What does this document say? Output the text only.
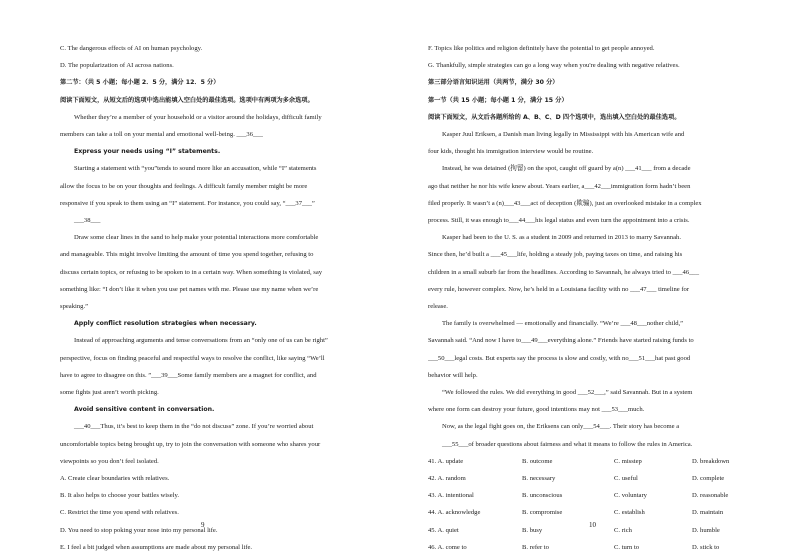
C. The dangerous effects of AI on human psychology.
D. The popularization of AI across nations.
第二节：（共 5 小题；每小题 2．5 分，满分 12．5 分）
阅读下面短文，从短文后的选项中选出能填入空白处的最佳选项。选项中有两项为多余选项。
Whether they’re a member of your household or a visitor around the holidays, difficult family
members can take a toll on your mental and emotional well-being. ___36___
Express your needs using “I” statements.
Starting a statement with “you”tends to sound more like an accusation, while “I” statements
allow the focus to be on your thoughts and feelings. A difficult family member might be more
responsive if you speak to them using an “I” statement. For instance, you could say, “___37___”
___38___
Draw some clear lines in the sand to help make your potential interactions more comfortable
and manageable. This might involve limiting the amount of time you spend together, refusing to
discuss certain topics, or refusing to be spoken to in a certain way. When something is violated, say
something like: “I don’t like it when you use pet names with me. Please use my name when we’re
speaking.”
Apply conflict resolution strategies when necessary.
Instead of approaching arguments and tense conversations from an “only one of us can be right”
perspective, focus on finding peaceful and respectful ways to resolve the conflict, like saying “We’ll
have to agree to disagree on this. ”___39___Some family members are a magnet for conflict, and
some fights just aren’t worth picking.
Avoid sensitive content in conversation.
___40___Thus, it’s best to keep them in the “do not discuss” zone. If you’re worried about
uncomfortable topics being brought up, try to join the conversation with someone who shares your
viewpoints so you don’t feel isolated.
A. Create clear boundaries with relatives.
B. It also helps to choose your battles wisely.
C. Restrict the time you spend with relatives.
D. You need to stop poking your nose into my personal life.
E. I feel a bit judged when assumptions are made about my personal life.
9
F. Topics like politics and religion definitely have the potential to get people annoyed.
G. Thankfully, simple strategies can go a long way when you're dealing with negative relatives.
第三部分语言知识运用（共两节，满分 30 分）
第一节（共 15 小题；每小题 1 分，满分 15 分）
阅读下面短文，从文后各题所给的 A、B、C、D 四个选项中，选出填入空白处的最佳选项。
Kasper Juul Eriksen, a Danish man living legally in Mississippi with his American wife and
four kids, thought his immigration interview would be routine.
Instead, he was detained (拘留) on the spot, caught off guard by a(n) ___41___ from a decade
ago that neither he nor his wife knew about. Years earlier, a___42___immigration form hadn’t been
filed properly. It wasn’t a (n)___43___act of deception (欺骗), just an overlooked mistake in a complex
process. Still, it was enough to___44___his legal status and even turn the appointment into a crisis.
Kasper had been to the U. S. as a student in 2009 and returned in 2013 to marry Savannah.
Since then, he’d built a ___45___life, holding a steady job, paying taxes on time, and raising his
children in a small suburb far from the headlines. According to Savannah, he always tried to ___46___
every rule, however complex. Now, he’s held in a Louisiana facility with no ___47___ timeline for
release.
The family is overwhelmed — emotionally and financially. “We’re ___48___nother child,”
Savannah said. “And now I have to___49___everything alone.” Friends have started raising funds to
___50___legal costs. But experts say the process is slow and costly, with no___51___hat past good
behavior will help.
“We followed the rules. We did everything in good ___52___,” said Savannah. But in a system
where one form can destroy your future, good intentions may not ___53___much.
Now, as the legal fight goes on, the Eriksens can only___54___. Their story has become a
___55___of broader questions about fairness and what it means to follow the rules in America.
41. A. update	B. outcome	C. misstep	D. breakdown
42. A. random	B. necessary	C. useful	D. complete
43. A. intentional	B. unconscious	C. voluntary	D. reasonable
44. A. acknowledge	B. compromise	C. establish	D. maintain
45. A. quiet	B. busy	C. rich	D. humble
46. A. come to	B. refer to	C. turn to	D. stick to
10
